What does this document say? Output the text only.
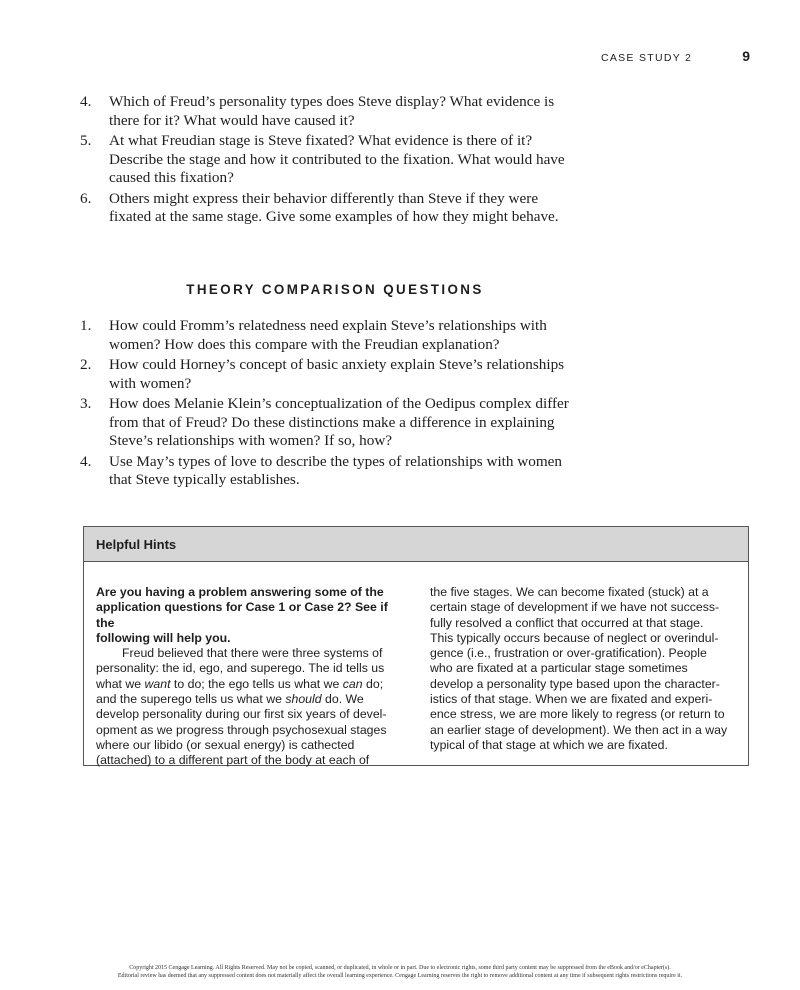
CASE STUDY 2	9
4.	Which of Freud’s personality types does Steve display? What evidence is
there for it? What would have caused it?
5.	At what Freudian stage is Steve fixated? What evidence is there of it?
Describe the stage and how it contributed to the fixation. What would have
caused this fixation?
6.	Others might express their behavior differently than Steve if they were
fixated at the same stage. Give some examples of how they might behave.
THEORY COMPARISON QUESTIONS
1.	How could Fromm’s relatedness need explain Steve’s relationships with
women? How does this compare with the Freudian explanation?
2.	How could Horney’s concept of basic anxiety explain Steve’s relationships
with women?
3.	How does Melanie Klein’s conceptualization of the Oedipus complex differ
from that of Freud? Do these distinctions make a difference in explaining
Steve’s relationships with women? If so, how?
4.	Use May’s types of love to describe the types of relationships with women
that Steve typically establishes.
Helpful Hints

Are you having a problem answering some of the
application questions for Case 1 or Case 2? See if the
following will help you.

Freud believed that there were three systems of
personality: the id, ego, and superego. The id tells us
what we want to do; the ego tells us what we can do;
and the superego tells us what we should do. We
develop personality during our first six years of devel-
opment as we progress through psychosexual stages
where our libido (or sexual energy) is cathected
(attached) to a different part of the body at each of

the five stages. We can become fixated (stuck) at a
certain stage of development if we have not success-
fully resolved a conflict that occurred at that stage.
This typically occurs because of neglect or overindul-
gence (i.e., frustration or over-gratification). People
who are fixated at a particular stage sometimes
develop a personality type based upon the character-
istics of that stage. When we are fixated and experi-
ence stress, we are more likely to regress (or return to
an earlier stage of development). We then act in a way
typical of that stage at which we are fixated.

Copyright 2015 Cengage Learning. All Rights Reserved. May not be copied, scanned, or duplicated, in whole or in part. Due to electronic rights, some third party content may be suppressed from the eBook and/or eChapter(s).
Editorial review has deemed that any suppressed content does not materially affect the overall learning experience. Cengage Learning reserves the right to remove additional content at any time if subsequent rights restrictions require it.
